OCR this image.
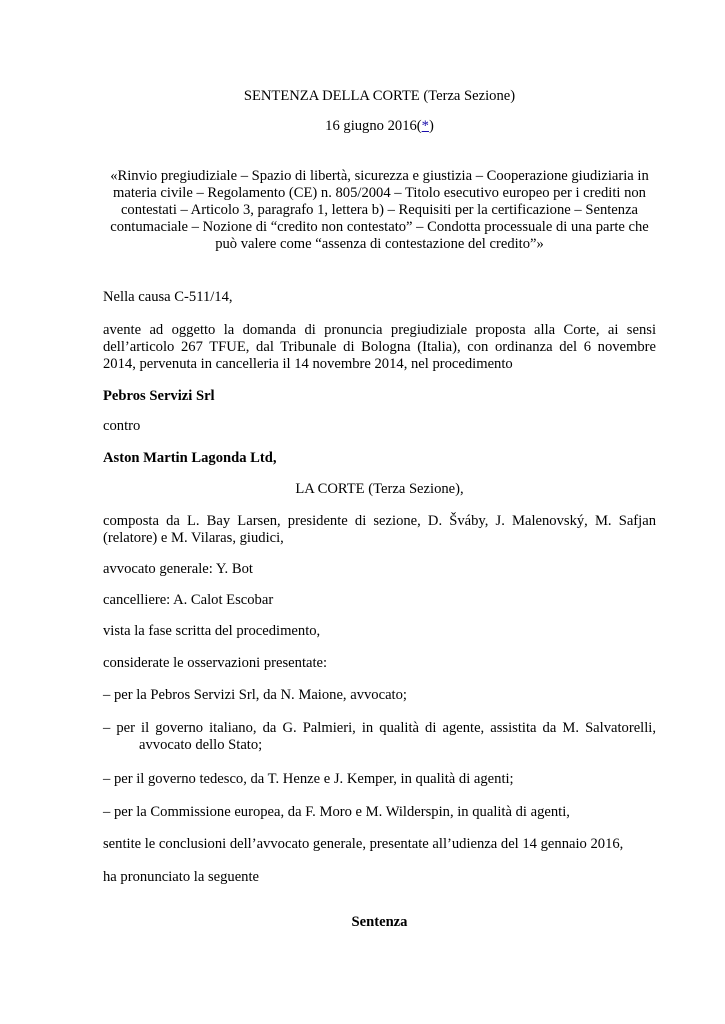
SENTENZA DELLA CORTE (Terza Sezione)

16 giugno 2016(*)

«Rinvio pregiudiziale – Spazio di libertà, sicurezza e giustizia – Cooperazione giudiziaria in materia civile – Regolamento (CE) n. 805/2004 – Titolo esecutivo europeo per i crediti non contestati – Articolo 3, paragrafo 1, lettera b) – Requisiti per la certificazione – Sentenza contumaciale – Nozione di “credito non contestato” – Condotta processuale di una parte che può valere come “assenza di contestazione del credito”»

Nella causa C-511/14,

avente ad oggetto la domanda di pronuncia pregiudiziale proposta alla Corte, ai sensi dell’articolo 267 TFUE, dal Tribunale di Bologna (Italia), con ordinanza del 6 novembre 2014, pervenuta in cancelleria il 14 novembre 2014, nel procedimento

Pebros Servizi Srl

contro

Aston Martin Lagonda Ltd,

LA CORTE (Terza Sezione),

composta da L. Bay Larsen, presidente di sezione, D. Šváby, J. Malenovský, M. Safjan (relatore) e M. Vilaras, giudici,

avvocato generale: Y. Bot

cancelliere: A. Calot Escobar

vista la fase scritta del procedimento,

considerate le osservazioni presentate:

– per la Pebros Servizi Srl, da N. Maione, avvocato;

– per il governo italiano, da G. Palmieri, in qualità di agente, assistita da M. Salvatorelli, avvocato dello Stato;

– per il governo tedesco, da T. Henze e J. Kemper, in qualità di agenti;

– per la Commissione europea, da F. Moro e M. Wilderspin, in qualità di agenti,

sentite le conclusioni dell’avvocato generale, presentate all’udienza del 14 gennaio 2016,

ha pronunciato la seguente

Sentenza
